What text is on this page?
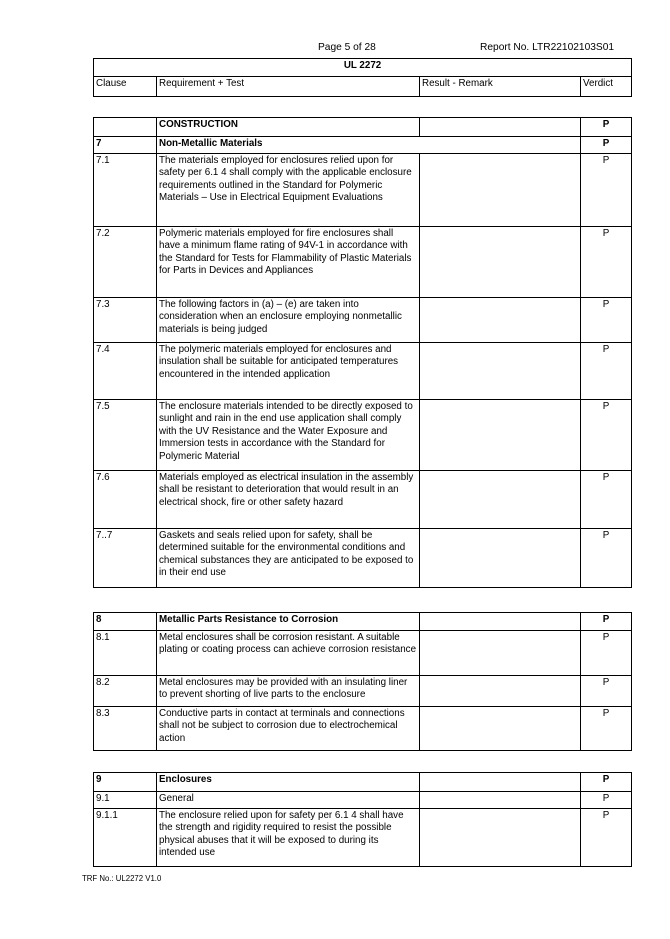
Page 5 of 28	Report No. LTR22102103S01
UL 2272
Clause	Requirement + Test	Result - Remark	Verdict
	CONSTRUCTION		P
7	Non-Metallic Materials		P
7.1	The materials employed for enclosures relied upon for safety per 6.1 4 shall comply with the applicable enclosure requirements outlined in the Standard for Polymeric Materials – Use in Electrical Equipment Evaluations		P
7.2	Polymeric materials employed for fire enclosures shall have a minimum flame rating of 94V-1 in accordance with the Standard for Tests for Flammability of Plastic Materials for Parts in Devices and Appliances		P
7.3	The following factors in (a) – (e) are taken into consideration when an enclosure employing nonmetallic materials is being judged		P
7.4	The polymeric materials employed for enclosures and insulation shall be suitable for anticipated temperatures encountered in the intended application		P
7.5	The enclosure materials intended to be directly exposed to sunlight and rain in the end use application shall comply with the UV Resistance and the Water Exposure and Immersion tests in accordance with the Standard for Polymeric Material		P
7.6	Materials employed as electrical insulation in the assembly shall be resistant to deterioration that would result in an electrical shock, fire or other safety hazard		P
7..7	Gaskets and seals relied upon for safety, shall be determined suitable for the environmental conditions and chemical substances they are anticipated to be exposed to in their end use		P
8	Metallic Parts Resistance to Corrosion		P
8.1	Metal enclosures shall be corrosion resistant. A suitable plating or coating process can achieve corrosion resistance		P
8.2	Metal enclosures may be provided with an insulating liner to prevent shorting of live parts to the enclosure		P
8.3	Conductive parts in contact at terminals and connections shall not be subject to corrosion due to electrochemical action		P
9	Enclosures		P
9.1	General		P
9.1.1	The enclosure relied upon for safety per 6.1 4 shall have the strength and rigidity required to resist the possible physical abuses that it will be exposed to during its intended use		P
TRF No.: UL2272 V1.0
